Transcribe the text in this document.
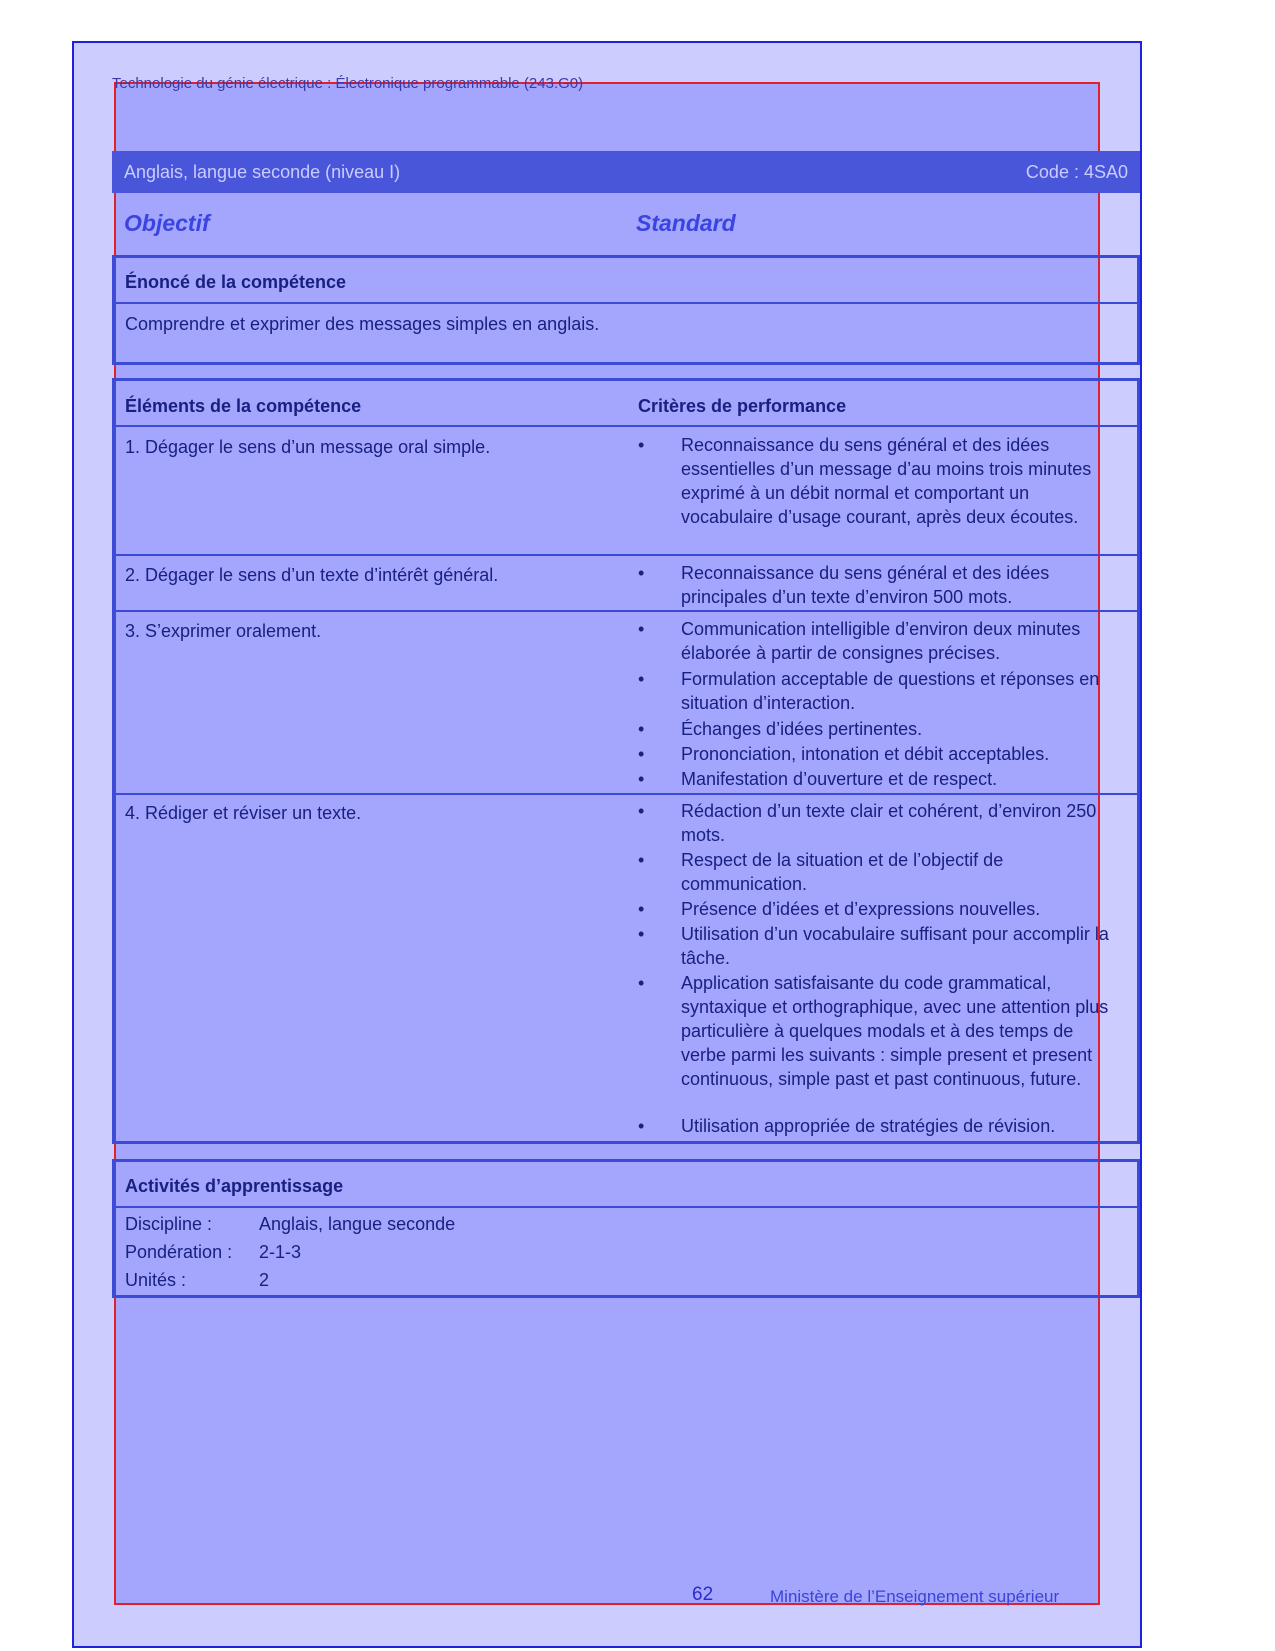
Technologie du génie électrique : Électronique programmable (243.G0)
Anglais, langue seconde (niveau I)	Code : 4SA0
Objectif	Standard
Énoncé de la compétence
Comprendre et exprimer des messages simples en anglais.
Éléments de la compétence	Critères de performance
1. Dégager le sens d’un message oral simple.	• Reconnaissance du sens général et des idées essentielles d’un message d’au moins trois minutes exprimé à un débit normal et comportant un vocabulaire d’usage courant, après deux écoutes.
2. Dégager le sens d’un texte d’intérêt général.	• Reconnaissance du sens général et des idées principales d’un texte d’environ 500 mots.
3. S’exprimer oralement.	• Communication intelligible d’environ deux minutes élaborée à partir de consignes précises.
• Formulation acceptable de questions et réponses en situation d’interaction.
• Échanges d’idées pertinentes.
• Prononciation, intonation et débit acceptables.
• Manifestation d’ouverture et de respect.
4. Rédiger et réviser un texte.	• Rédaction d’un texte clair et cohérent, d’environ 250 mots.
• Respect de la situation et de l’objectif de communication.
• Présence d’idées et d’expressions nouvelles.
• Utilisation d’un vocabulaire suffisant pour accomplir la tâche.
• Application satisfaisante du code grammatical, syntaxique et orthographique, avec une attention plus particulière à quelques modals et à des temps de verbe parmi les suivants : simple present et present continuous, simple past et past continuous, future.
• Utilisation appropriée de stratégies de révision.
Activités d’apprentissage
Discipline :	Anglais, langue seconde
Pondération : 2-1-3
Unités :	2
62	Ministère de l’Enseignement supérieur
